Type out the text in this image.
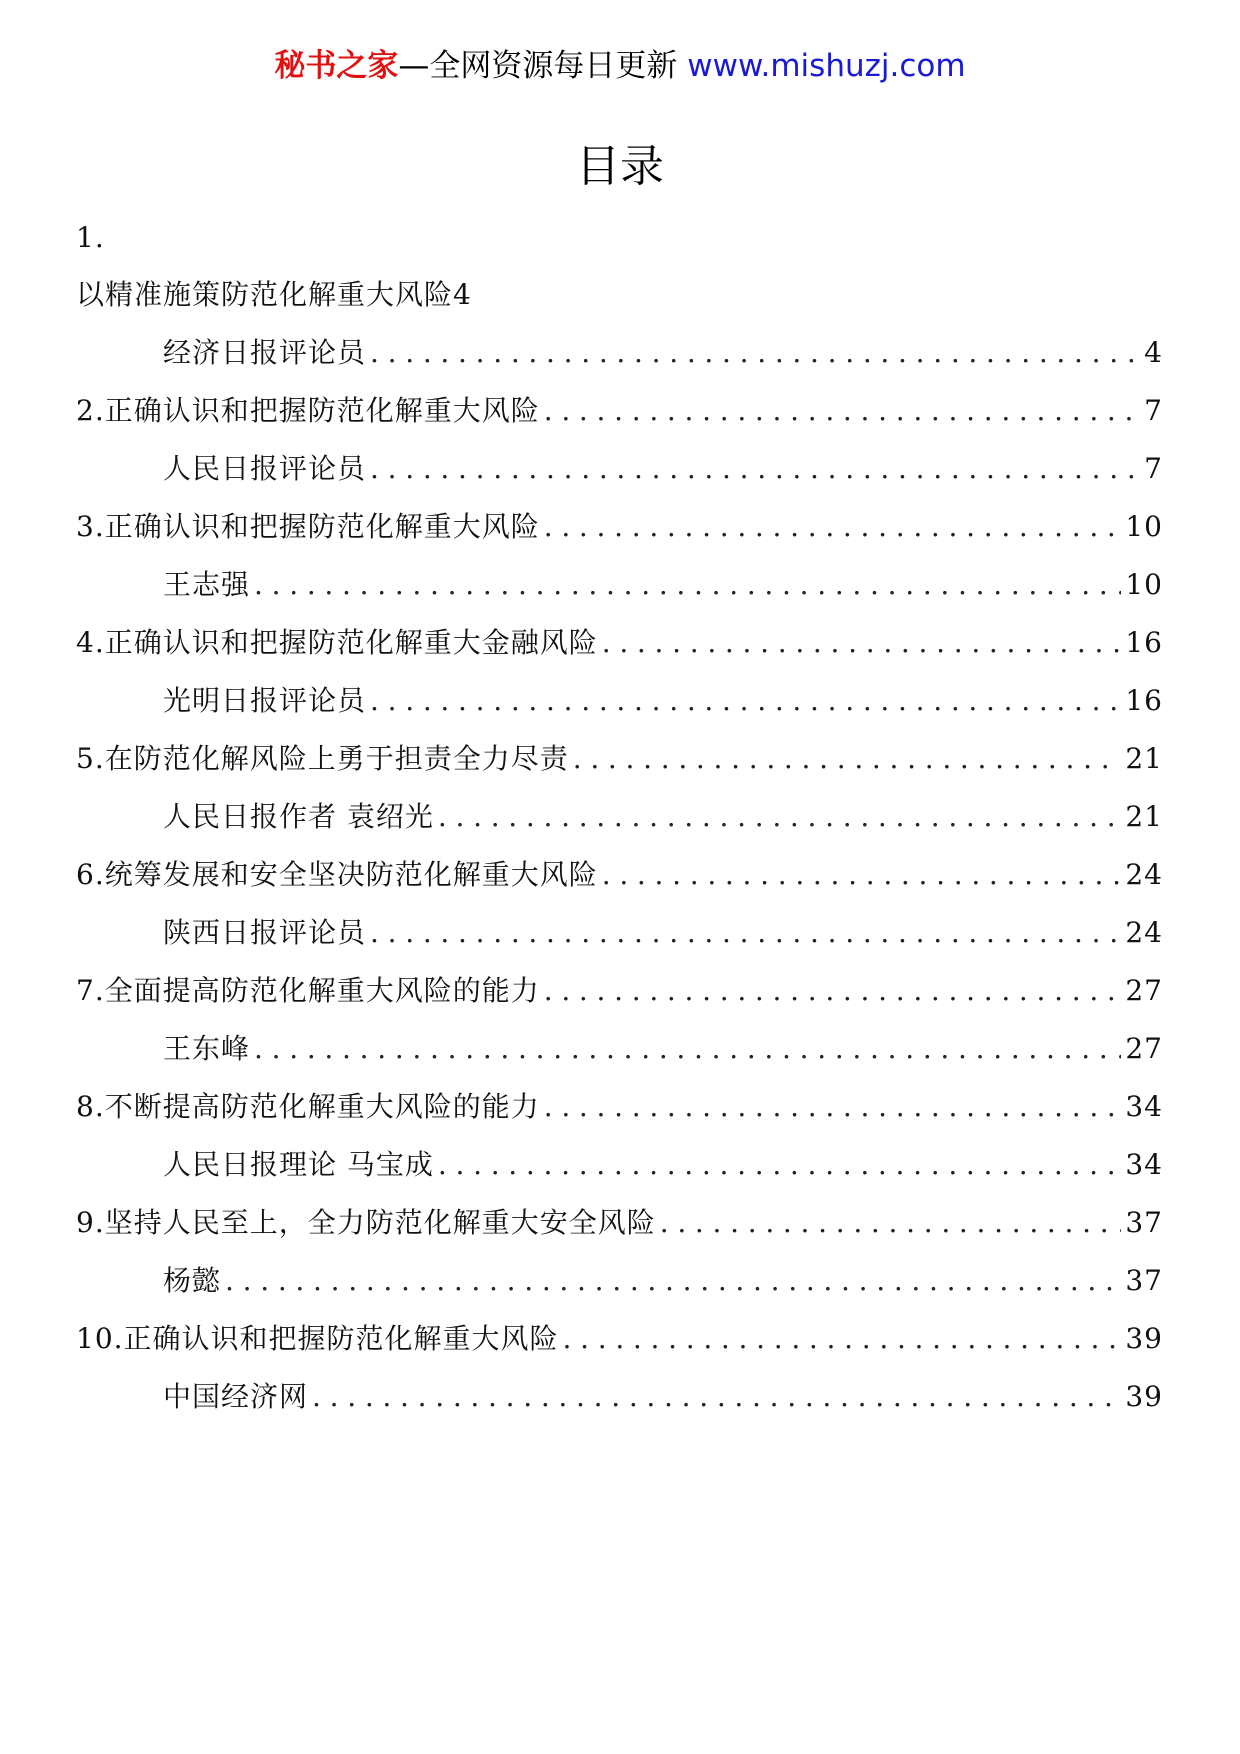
秘书之家—全网资源每日更新 www.mishuzj.com
目录
1.
以精准施策防范化解重大风险4
经济日报评论员 .....	4
2.正确认识和把握防范化解重大风险 .....	7
人民日报评论员 .....	7
3.正确认识和把握防范化解重大风险 .....	10
王志强 .....	10
4.正确认识和把握防范化解重大金融风险 .....	16
光明日报评论员 .....	16
5.在防范化解风险上勇于担责全力尽责 .....	21
人民日报作者 袁绍光 .....	21
6.统筹发展和安全坚决防范化解重大风险 .....	24
陕西日报评论员 .....	24
7.全面提高防范化解重大风险的能力 .....	27
王东峰 .....	27
8.不断提高防范化解重大风险的能力 .....	34
人民日报理论 马宝成 .....	34
9.坚持人民至上，全力防范化解重大安全风险 .....	37
杨懿 .....	37
10.正确认识和把握防范化解重大风险 .....	39
中国经济网 .....	39
